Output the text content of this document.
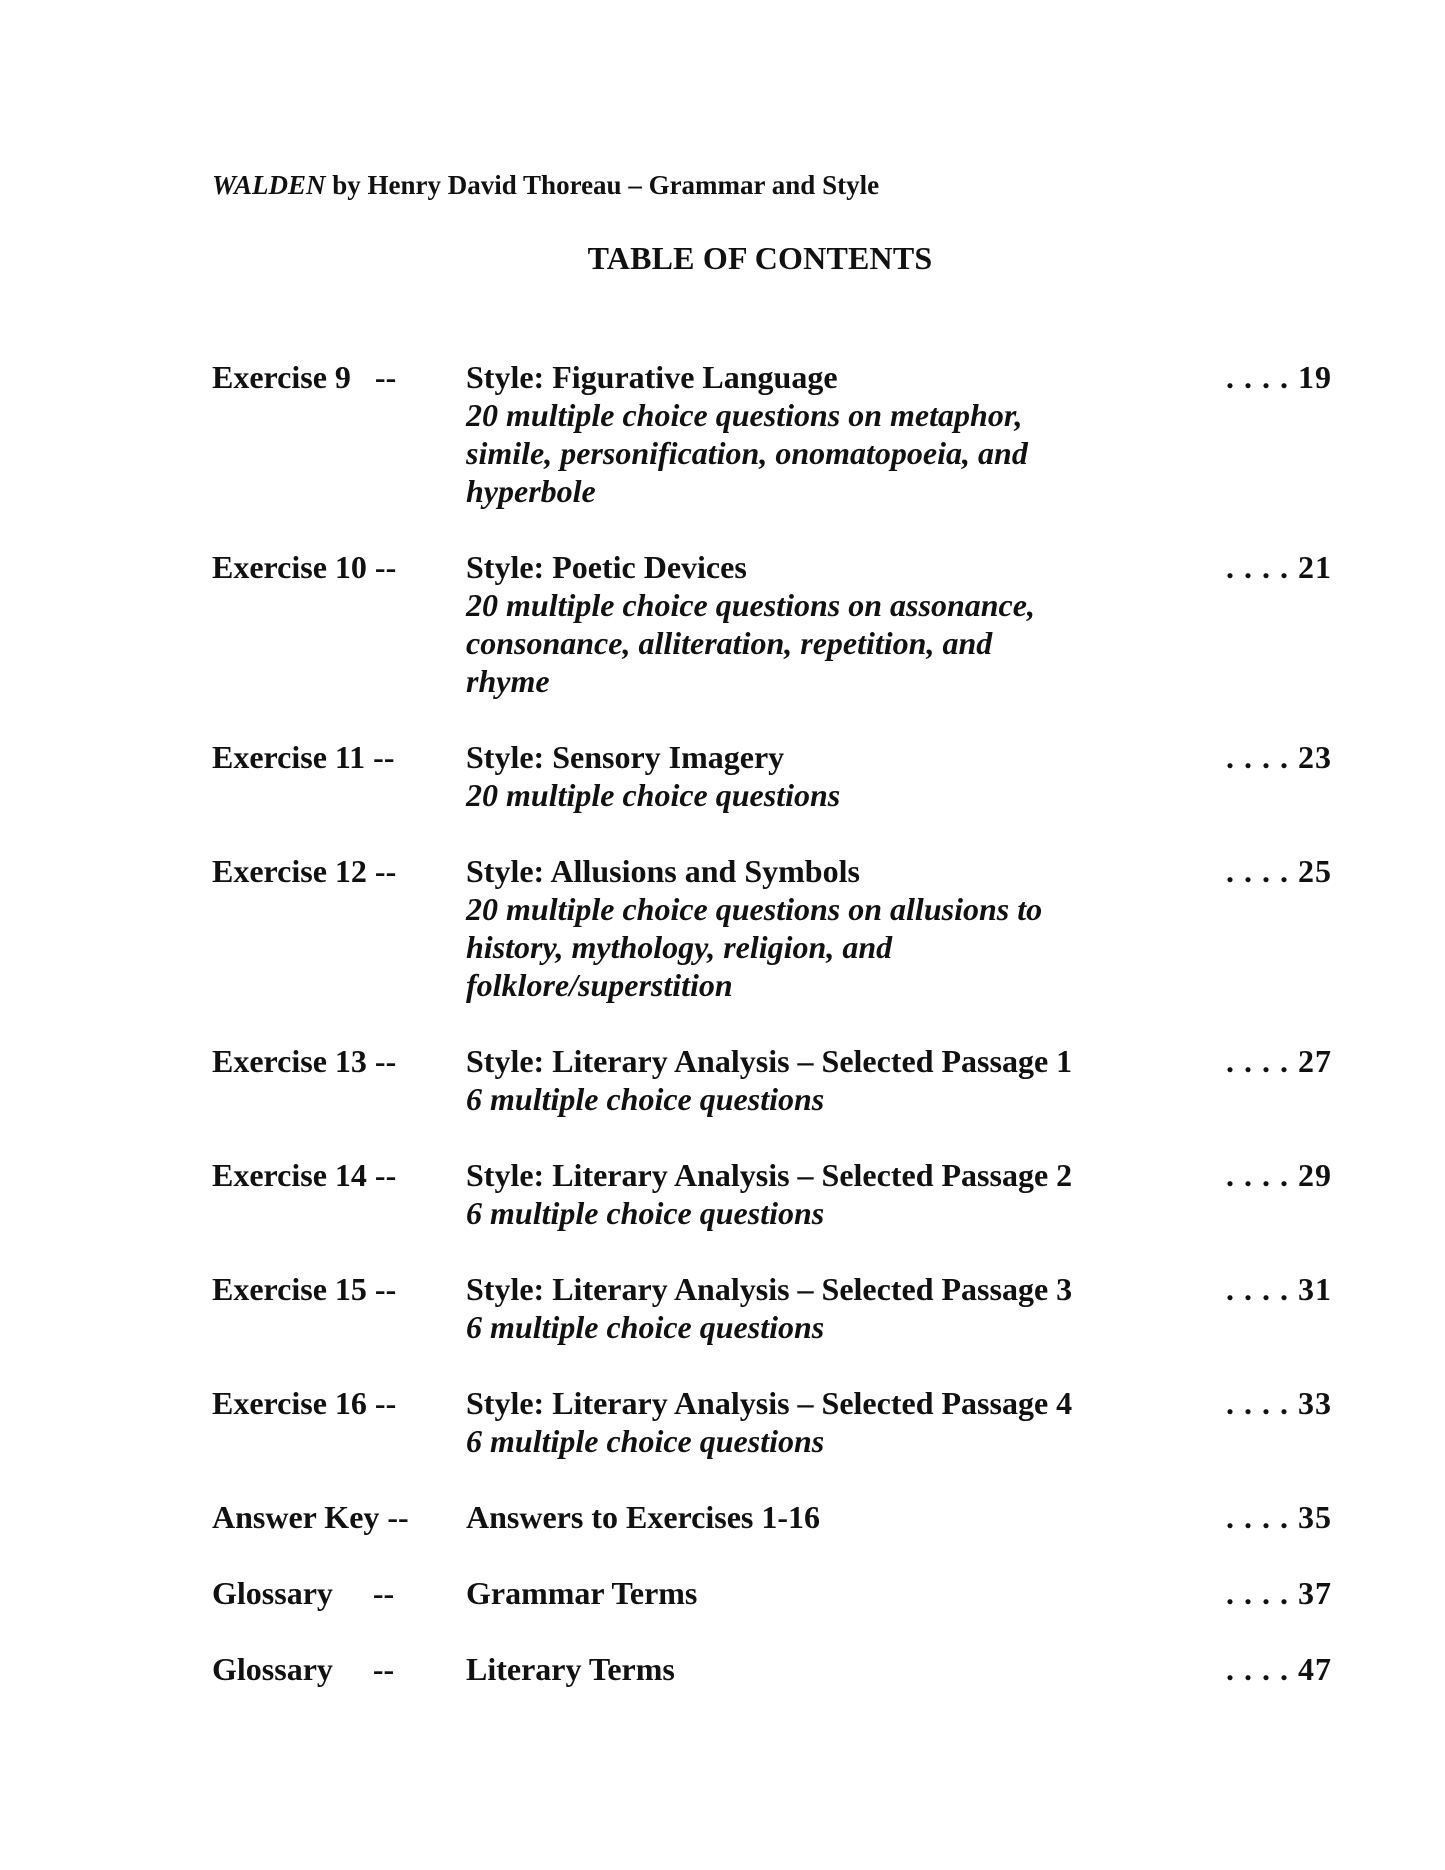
WALDEN by Henry David Thoreau – Grammar and Style
TABLE OF CONTENTS
Exercise 9   -- Style: Figurative Language
20 multiple choice questions on metaphor,
simile, personification, onomatopoeia, and
hyperbole
. . . . 19
Exercise 10 -- Style: Poetic Devices
20 multiple choice questions on assonance,
consonance, alliteration, repetition, and
rhyme
. . . . 21
Exercise 11 -- Style: Sensory Imagery
20 multiple choice questions
. . . . 23
Exercise 12 -- Style: Allusions and Symbols
20 multiple choice questions on allusions to
history, mythology, religion, and
folklore/superstition
. . . . 25
Exercise 13 -- Style: Literary Analysis – Selected Passage 1
6 multiple choice questions
. . . . 27
Exercise 14 -- Style: Literary Analysis – Selected Passage 2
6 multiple choice questions
. . . . 29
Exercise 15 -- Style: Literary Analysis – Selected Passage 3
6 multiple choice questions
. . . . 31
Exercise 16 -- Style: Literary Analysis – Selected Passage 4
6 multiple choice questions
. . . . 33
Answer Key -- Answers to Exercises 1-16	. . . . 35
Glossary     -- Grammar Terms	. . . . 37
Glossary     -- Literary Terms	. . . . 47
